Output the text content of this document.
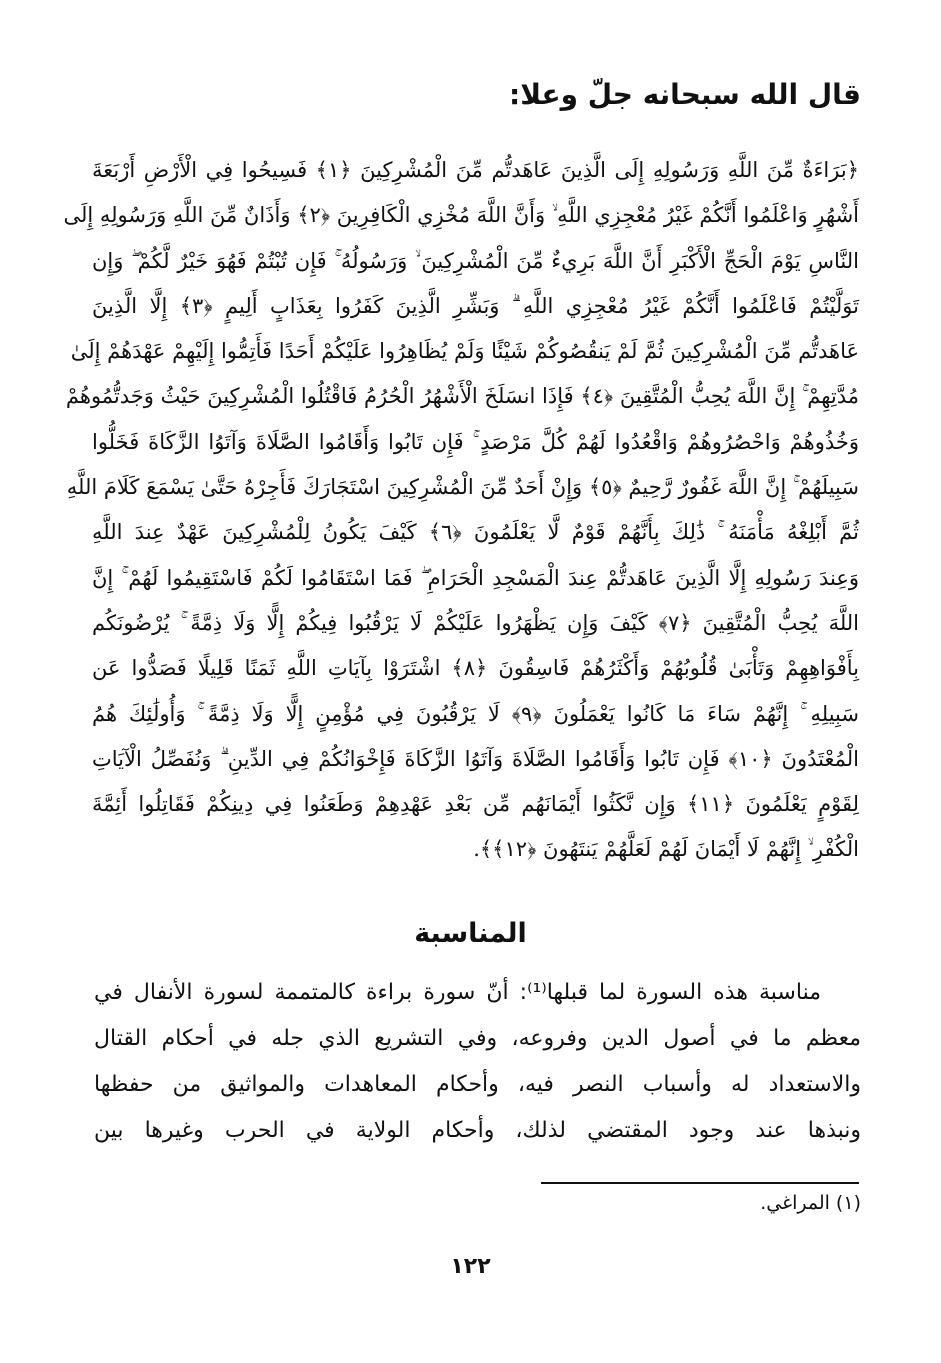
قال الله سبحانه جلّ وعلا:
﴿بَرَاءَةٌ مِّنَ اللَّهِ وَرَسُولِهِ إِلَى الَّذِينَ عَاهَدتُّم مِّنَ الْمُشْرِكِينَ ﴿١﴾ فَسِيحُوا فِي الْأَرْضِ أَرْبَعَةَ
أَشْهُرٍ وَاعْلَمُوا أَنَّكُمْ غَيْرُ مُعْجِزِي اللَّهِ ۙ وَأَنَّ اللَّهَ مُخْزِي الْكَافِرِينَ ﴿٢﴾ وَأَذَانٌ مِّنَ اللَّهِ وَرَسُولِهِ إِلَى
النَّاسِ يَوْمَ الْحَجِّ الْأَكْبَرِ أَنَّ اللَّهَ بَرِيءٌ مِّنَ الْمُشْرِكِينَ ۙ وَرَسُولُهُ ۚ فَإِن تُبْتُمْ فَهُوَ خَيْرٌ لَّكُمْ ۖ وَإِن
تَوَلَّيْتُمْ فَاعْلَمُوا أَنَّكُمْ غَيْرُ مُعْجِزِي اللَّهِ ۗ وَبَشِّرِ الَّذِينَ كَفَرُوا بِعَذَابٍ أَلِيمٍ ﴿٣﴾ إِلَّا الَّذِينَ
عَاهَدتُّم مِّنَ الْمُشْرِكِينَ ثُمَّ لَمْ يَنقُصُوكُمْ شَيْئًا وَلَمْ يُظَاهِرُوا عَلَيْكُمْ أَحَدًا فَأَتِمُّوا إِلَيْهِمْ عَهْدَهُمْ إِلَىٰ
مُدَّتِهِمْ ۚ إِنَّ اللَّهَ يُحِبُّ الْمُتَّقِينَ ﴿٤﴾ فَإِذَا انسَلَخَ الْأَشْهُرُ الْحُرُمُ فَاقْتُلُوا الْمُشْرِكِينَ حَيْثُ وَجَدتُّمُوهُمْ
وَخُذُوهُمْ وَاحْصُرُوهُمْ وَاقْعُدُوا لَهُمْ كُلَّ مَرْصَدٍ ۚ فَإِن تَابُوا وَأَقَامُوا الصَّلَاةَ وَآتَوُا الزَّكَاةَ فَخَلُّوا
سَبِيلَهُمْ ۚ إِنَّ اللَّهَ غَفُورٌ رَّحِيمٌ ﴿٥﴾ وَإِنْ أَحَدٌ مِّنَ الْمُشْرِكِينَ اسْتَجَارَكَ فَأَجِرْهُ حَتَّىٰ يَسْمَعَ كَلَامَ اللَّهِ
ثُمَّ أَبْلِغْهُ مَأْمَنَهُ ۚ ذَٰلِكَ بِأَنَّهُمْ قَوْمٌ لَّا يَعْلَمُونَ ﴿٦﴾ كَيْفَ يَكُونُ لِلْمُشْرِكِينَ عَهْدٌ عِندَ اللَّهِ
وَعِندَ رَسُولِهِ إِلَّا الَّذِينَ عَاهَدتُّمْ عِندَ الْمَسْجِدِ الْحَرَامِ ۖ فَمَا اسْتَقَامُوا لَكُمْ فَاسْتَقِيمُوا لَهُمْ ۚ إِنَّ
اللَّهَ يُحِبُّ الْمُتَّقِينَ ﴿٧﴾ كَيْفَ وَإِن يَظْهَرُوا عَلَيْكُمْ لَا يَرْقُبُوا فِيكُمْ إِلًّا وَلَا ذِمَّةً ۚ يُرْضُونَكُم
بِأَفْوَاهِهِمْ وَتَأْبَىٰ قُلُوبُهُمْ وَأَكْثَرُهُمْ فَاسِقُونَ ﴿٨﴾ اشْتَرَوْا بِآيَاتِ اللَّهِ ثَمَنًا قَلِيلًا فَصَدُّوا عَن
سَبِيلِهِ ۚ إِنَّهُمْ سَاءَ مَا كَانُوا يَعْمَلُونَ ﴿٩﴾ لَا يَرْقُبُونَ فِي مُؤْمِنٍ إِلًّا وَلَا ذِمَّةً ۚ وَأُولَٰئِكَ هُمُ
الْمُعْتَدُونَ ﴿١٠﴾ فَإِن تَابُوا وَأَقَامُوا الصَّلَاةَ وَآتَوُا الزَّكَاةَ فَإِخْوَانُكُمْ فِي الدِّينِ ۗ وَنُفَصِّلُ الْآيَاتِ
لِقَوْمٍ يَعْلَمُونَ ﴿١١﴾ وَإِن نَّكَثُوا أَيْمَانَهُم مِّن بَعْدِ عَهْدِهِمْ وَطَعَنُوا فِي دِينِكُمْ فَقَاتِلُوا أَئِمَّةَ
الْكُفْرِ ۙ إِنَّهُمْ لَا أَيْمَانَ لَهُمْ لَعَلَّهُمْ يَنتَهُونَ ﴿١٢﴾﴾.
المناسبة
مناسبة هذه السورة لما قبلها⁽¹⁾: أنّ سورة براءة كالمتممة لسورة الأنفال في
معظم ما في أصول الدين وفروعه، وفي التشريع الذي جله في أحكام القتال
والاستعداد له وأسباب النصر فيه، وأحكام المعاهدات والمواثيق من حفظها
ونبذها عند وجود المقتضي لذلك، وأحكام الولاية في الحرب وغيرها بين
(١) المراغي.
١٢٢
